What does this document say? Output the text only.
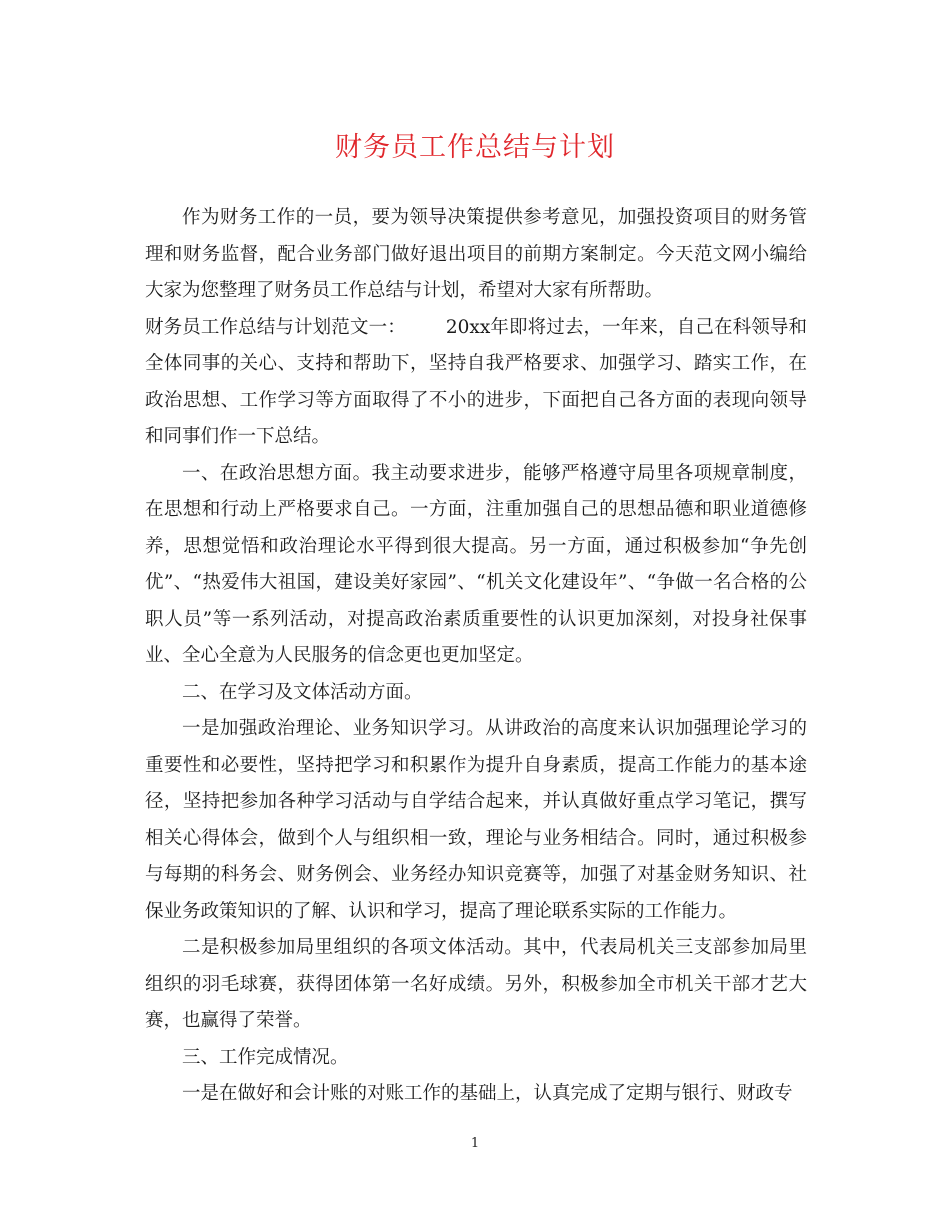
财务员工作总结与计划

作为财务工作的一员，要为领导决策提供参考意见，加强投资项目的财务管理和财务监督，配合业务部门做好退出项目的前期方案制定。今天范文网小编给大家为您整理了财务员工作总结与计划，希望对大家有所帮助。

财务员工作总结与计划范文一： 20xx年即将过去，一年来，自己在科领导和全体同事的关心、支持和帮助下，坚持自我严格要求、加强学习、踏实工作，在政治思想、工作学习等方面取得了不小的进步，下面把自己各方面的表现向领导和同事们作一下总结。

一、在政治思想方面。我主动要求进步，能够严格遵守局里各项规章制度，在思想和行动上严格要求自己。一方面，注重加强自己的思想品德和职业道德修养，思想觉悟和政治理论水平得到很大提高。另一方面，通过积极参加“争先创优”、“热爱伟大祖国，建设美好家园”、“机关文化建设年”、“争做一名合格的公职人员”等一系列活动，对提高政治素质重要性的认识更加深刻，对投身社保事业、全心全意为人民服务的信念更也更加坚定。

二、在学习及文体活动方面。

一是加强政治理论、业务知识学习。从讲政治的高度来认识加强理论学习的重要性和必要性，坚持把学习和积累作为提升自身素质，提高工作能力的基本途径，坚持把参加各种学习活动与自学结合起来，并认真做好重点学习笔记，撰写相关心得体会，做到个人与组织相一致，理论与业务相结合。同时，通过积极参与每期的科务会、财务例会、业务经办知识竞赛等，加强了对基金财务知识、社保业务政策知识的了解、认识和学习，提高了理论联系实际的工作能力。

二是积极参加局里组织的各项文体活动。其中，代表局机关三支部参加局里组织的羽毛球赛，获得团体第一名好成绩。另外，积极参加全市机关干部才艺大赛，也赢得了荣誉。

三、工作完成情况。

一是在做好和会计账的对账工作的基础上，认真完成了定期与银行、财政专

1
